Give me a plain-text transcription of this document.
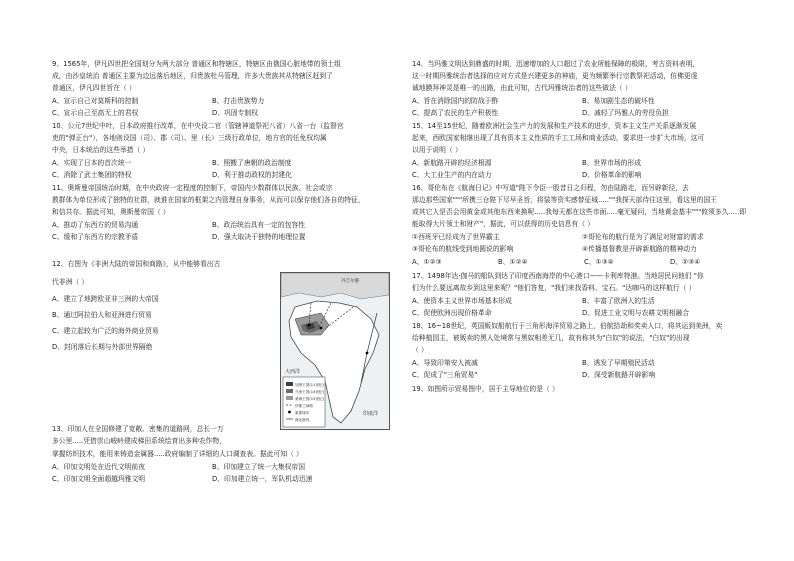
9、1565年，伊凡四世把全国划分为两大部分 普通区和特辖区，特辖区由俄国心脏地带的领土组
成，由沙皇统治 普通区主要为边远落后地区，归贵族杜马管理，许多大贵族其从特辖区赶到了
普通区，伊凡四世旨在（ ）
A、宣示自己对莫斯科的控制	B、打击贵族势力
C、宣示自己至高无上的君权	D、巩固专制权
10、公元7世纪中叶，日本政府推行改革，在中央设二官（管辖神道祭祀八省）八省一台（监督官
吏的"弹正台"），各地则设国（司）、郡（司）、里（长）三级行政单位，地方官的任免权均属
中央，日本统治的这些举措（ ）
A、实现了日本的首次统一	B、照搬了唐朝的政治制度
C、消除了武士集团的特权	D、利于推动政权的封建化
11、奥斯曼帝国统治时期，在中央政府一定程度的控制下，帝国内少数群体以民族、社会或宗
教群体为单位形成了独特的社群，就谁在国家的框架之内管理自身事务，从而可以保存他们各自的特征，
和信共存。据此可知，奥斯曼帝国（ ）
A、推动了东西方的贸易沟通	B、政治统治具有一定的包容性
C、缓和了东西方的宗教矛盾	D、强大取决于独特的地理位置
12、右图为《非洲大陆的帝国和商路》，从中能够看出古
代非洲（ ）
A、建立了地跨欧亚非三洲的大帝国
B、通过阿拉伯人和亚洲进行贸易
C、建立起较为广泛的海外商业贸易
D、封闭落后长期与外部世界隔绝
丹吉尔港
大西洋
印度洋
加纳王国(11世纪)
马里王国(14世纪)
桑海王国(15世纪)
伊斯兰商路
重要城市
海运航线
13、印加人在全国修建了宽敞、密集的道路网，总长一万
多公里.....凭借崇山峻岭建成梯田系统绘育出多种农作物，
掌握纺织技术，能用来铸造金属器.....政府编制了详细的人口调查表。据此可知（ ）
A、印加文明处在近代文明前夜	B、印加建立了统一大集权帝国
C、印加文明全面超越玛雅文明	D、印加建立统一，军队机动迅速
14、当玛雅文明达到鼎盛的时期，迅速增加的人口超过了农业所能保障的极限，考古资料表明，
这一时期玛雅统治者选择的应对方式是兴建更多的神庙，更为频繁举行宗教祭祀活动，仿佛更虔
诚地膜拜神灵是唯一的出路，由此可知，古代玛雅统治者的这些做法（ ）
A、旨在消除国内的防战于酢	B、易加剧生态的破坏性
C、提高了农民的生产积极性	D、减轻了玛雅人的劳役负担
15、14至15世纪，随着欧洲社会生产力的发展和生产技术的进步，资本主义生产关系逐渐发展
起来，西欧国家相继出现了具有资本主义性质的手工工场和商业活动，要求进一步扩大市场，这可
以用于说明（ ）
A、新航路开辟的经济根源	B、世界市场的形成
C、大工业生产的内在动力	D、价格革命的影响
16、哥伦布在《航海日记》中写道"陛下令臣一股昔日之归程，勿由陆路走，而另辟新径，去
那边那些国家"""所携三仓陛下尽早圣旨，将装等资实感替征城.....""我探天部待往这里，看这里的国王
或其它人是否会用黄金或其他东西来换呢.....我每天都在这些市面.....毫无疑问，当地黄金基丰"""攸须多久.....即
能取得大片领土和财产"，据此，可以获得的历史信息有（ ）
①西班牙已经成为了世界霸主	②哥伦布的航行是为了满足对财富的需求
③哥伦布的航线受到地圆说的影响	④传播基督教是开辟新航路的精神动力
A、①②③	B、①②④	C、①③④	D、②③④
17、1498年达·伽马的船队到达了印度西南海岸的中心港口——卡利库特港。当地居民问他们 "你
们为什么要远离故乡到这里来呢？"他们答复，"我们来找香料、宝石。"达咖马的这样航行（ ）
A、使资本主义世界市场基本形成	B、丰富了欧洲人的生活
C、促使欧洲出现价格革命	D、促进工业文明与农耕文明相融合
18、16~18世纪，英国贩奴船航行于三角形海洋贸易之路上，伯航拾劫和奖卖人口，将其运到美洲，卖
给种植园主，被贩卖的黑人处境常与黑奴相差无几，故有称其为"白奴"的说法，"白奴"的出现
（ ）
A、导致印第安人被减	B、诱发了早期殖民活动
C、促成了"三角贸易"	D、深受新航路开辟影响
19、如图所示贸易图中，居于主导地位的是（ ）
